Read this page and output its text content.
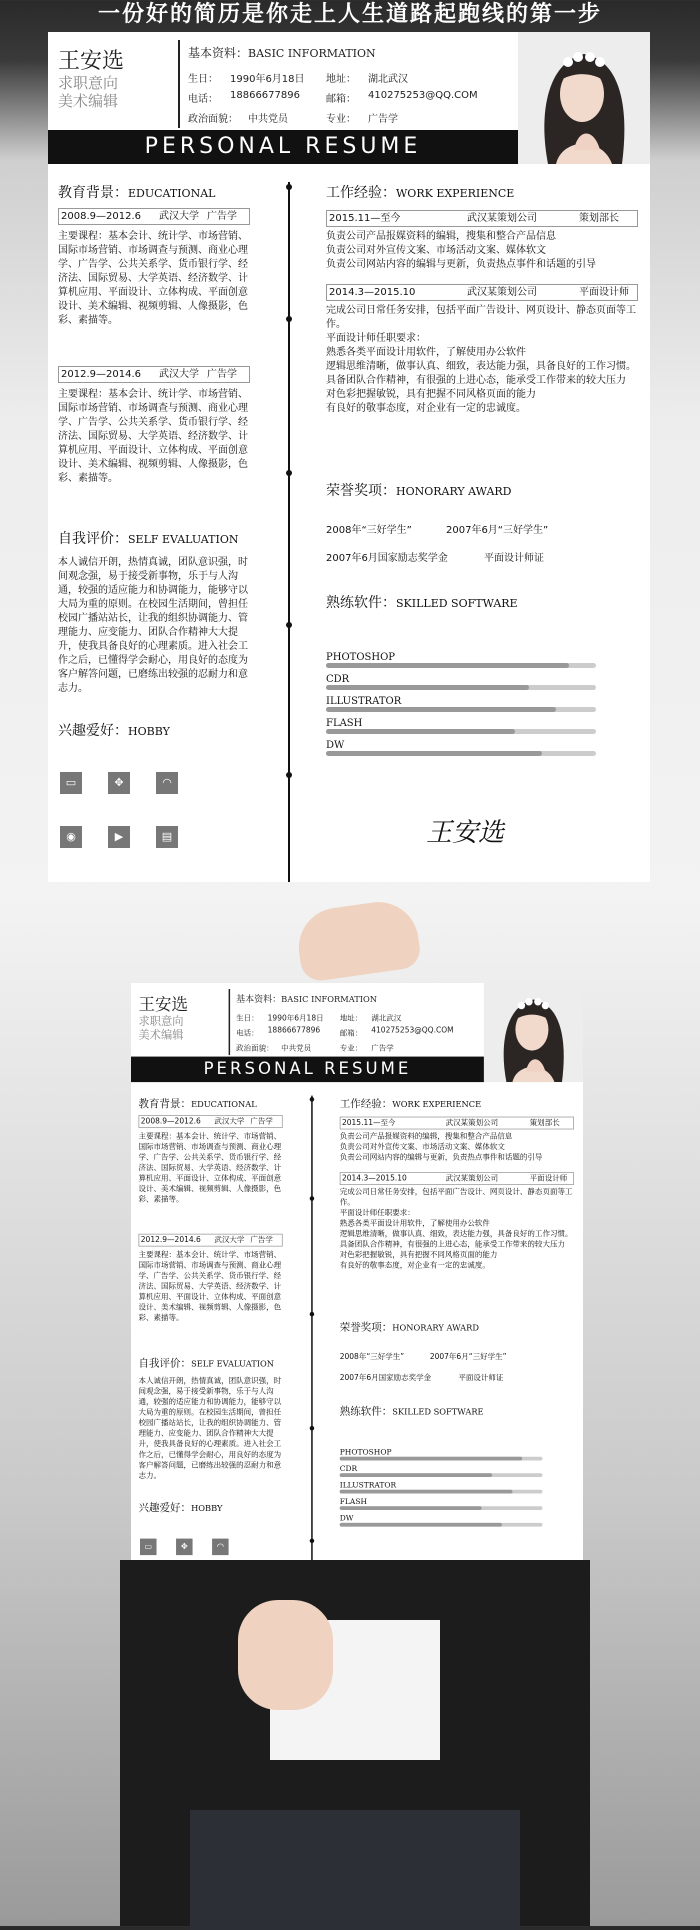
一份好的简历是你走上人生道路起跑线的第一步
王安选
求职意向
美术编辑
基本资料：BASIC INFORMATION
生日： 1990年6月18日 地址： 湖北武汉
电话： 18866677896	邮箱： 410275253@QQ.COM
政治面貌： 中共党员	专业： 广告学
PERSONAL RESUME
教育背景：EDUCATIONAL
2008.9—2012.6 武汉大学 广告学
主要课程：基本会计、统计学、市场营销、国际市场营销、市场调查与预测、商业心理学、广告学、公共关系学、货币银行学、经济法、国际贸易、大学英语、经济数学、计算机应用、平面设计、立体构成、平面创意设计、美术编辑、视频剪辑、人像摄影，色彩、素描等。
2012.9—2014.6 武汉大学 广告学
主要课程：基本会计、统计学、市场营销、国际市场营销、市场调查与预测、商业心理学、广告学、公共关系学、货币银行学、经济法、国际贸易、大学英语、经济数学、计算机应用、平面设计、立体构成、平面创意设计、美术编辑、视频剪辑、人像摄影，色彩、素描等。
自我评价：SELF EVALUATION
本人诚信开朗，热情真诚，团队意识强，时间观念强，易于接受新事物，乐于与人沟通，较强的适应能力和协调能力，能够守以大局为重的原则。在校园生活期间，曾担任校园广播站站长，让我的组织协调能力、管理能力、应变能力、团队合作精神大大提升，使我具备良好的心理素质。进入社会工作之后，已懂得学会耐心，用良好的态度为客户解答问题，已磨练出较强的忍耐力和意志力。
兴趣爱好：HOBBY
▭	✥	◠
◉	▶	▤
工作经验：WORK EXPERIENCE
2015.11—至今	武汉某策划公司	策划部长
负责公司产品报媒资料的编辑，搜集和整合产品信息
负责公司对外宣传文案、市场活动文案、媒体软文
负责公司网站内容的编辑与更新，负责热点事件和话题的引导
2014.3—2015.10	武汉某策划公司	平面设计师
完成公司日常任务安排，包括平面广告设计、网页设计、静态页面等工作。
平面设计师任职要求：
熟悉各类平面设计用软件，了解使用办公软件
逻辑思维清晰，做事认真、细致，表达能力强，具备良好的工作习惯。
具备团队合作精神，有很强的上进心态，能承受工作带来的较大压力
对色彩把握敏锐，具有把握不同风格页面的能力
有良好的敬事态度，对企业有一定的忠诚度。
荣誉奖项：HONORARY AWARD
2008年“三好学生”	2007年6月“三好学生”
2007年6月国家励志奖学金	平面设计师证
熟练软件：SKILLED SOFTWARE
PHOTOSHOP
CDR
ILLUSTRATOR
FLASH
DW
王安选
王安选
求职意向
美术编辑
基本资料：BASIC INFORMATION
生日： 1990年6月18日 地址： 湖北武汉
电话： 18866677896 邮箱： 410275253@QQ.COM
政治面貌： 中共党员	专业： 广告学
PERSONAL RESUME
教育背景：EDUCATIONAL
2008.9—2012.6 武汉大学 广告学
主要课程：基本会计、统计学、市场营销、国际市场营销、市场调查与预测、商业心理学、广告学、公共关系学、货币银行学、经济法、国际贸易、大学英语、经济数学、计算机应用、平面设计、立体构成、平面创意设计、美术编辑、视频剪辑、人像摄影，色彩、素描等。
2012.9—2014.6 武汉大学 广告学
主要课程：基本会计、统计学、市场营销、国际市场营销、市场调查与预测、商业心理学、广告学、公共关系学、货币银行学、经济法、国际贸易、大学英语、经济数学、计算机应用、平面设计、立体构成、平面创意设计、美术编辑、视频剪辑、人像摄影，色彩、素描等。
自我评价：SELF EVALUATION
本人诚信开朗，热情真诚，团队意识强，时间观念强，易于接受新事物，乐于与人沟通，较强的适应能力和协调能力，能够守以大局为重的原则。在校园生活期间，曾担任校园广播站站长，让我的组织协调能力、管理能力、应变能力、团队合作精神大大提升，使我具备良好的心理素质。进入社会工作之后，已懂得学会耐心，用良好的态度为客户解答问题，已磨练出较强的忍耐力和意志力。
兴趣爱好：HOBBY
▭	✥	◠
工作经验：WORK EXPERIENCE
2015.11—至今	武汉某策划公司	策划部长
负责公司产品报媒资料的编辑，搜集和整合产品信息
负责公司对外宣传文案、市场活动文案、媒体软文
负责公司网站内容的编辑与更新，负责热点事件和话题的引导
2014.3—2015.10	武汉某策划公司	平面设计师
完成公司日常任务安排，包括平面广告设计、网页设计、静态页面等工作。
平面设计师任职要求：
熟悉各类平面设计用软件，了解使用办公软件
逻辑思维清晰，做事认真、细致，表达能力强，具备良好的工作习惯。
具备团队合作精神，有很强的上进心态，能承受工作带来的较大压力
对色彩把握敏锐，具有把握不同风格页面的能力
有良好的敬事态度，对企业有一定的忠诚度。
荣誉奖项：HONORARY AWARD
2008年“三好学生”	2007年6月“三好学生”
2007年6月国家励志奖学金	平面设计师证
熟练软件：SKILLED SOFTWARE
PHOTOSHOP
CDR
ILLUSTRATOR
FLASH
DW
